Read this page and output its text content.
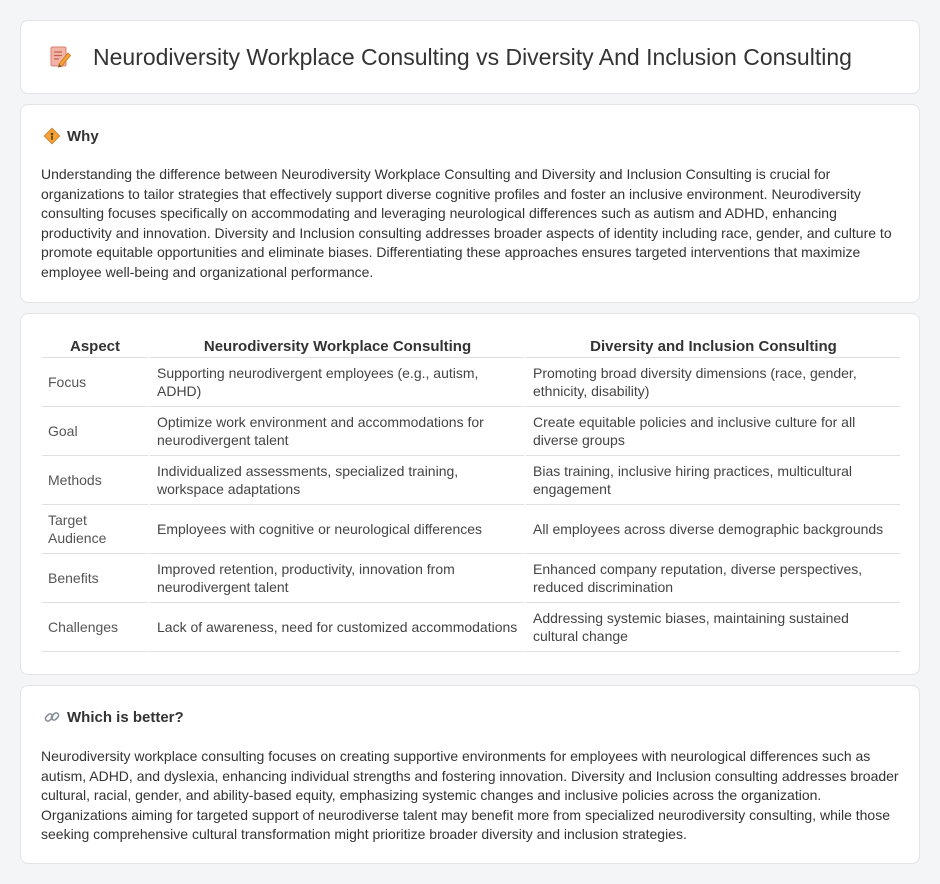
Neurodiversity Workplace Consulting vs Diversity And Inclusion Consulting
Why

Understanding the difference between Neurodiversity Workplace Consulting and Diversity and Inclusion Consulting is crucial for organizations to tailor strategies that effectively support diverse cognitive profiles and foster an inclusive environment. Neurodiversity consulting focuses specifically on accommodating and leveraging neurological differences such as autism and ADHD, enhancing productivity and innovation. Diversity and Inclusion consulting addresses broader aspects of identity including race, gender, and culture to promote equitable opportunities and eliminate biases. Differentiating these approaches ensures targeted interventions that maximize employee well-being and organizational performance.

Aspect	Neurodiversity Workplace Consulting	Diversity and Inclusion Consulting
Focus	Supporting neurodivergent employees (e.g., autism, ADHD)	Promoting broad diversity dimensions (race, gender, ethnicity, disability)
Goal	Optimize work environment and accommodations for neurodivergent talent	Create equitable policies and inclusive culture for all diverse groups
Methods	Individualized assessments, specialized training, workspace adaptations	Bias training, inclusive hiring practices, multicultural engagement
Target Audience	Employees with cognitive or neurological differences	All employees across diverse demographic backgrounds
Benefits	Improved retention, productivity, innovation from neurodivergent talent	Enhanced company reputation, diverse perspectives, reduced discrimination
Challenges	Lack of awareness, need for customized accommodations	Addressing systemic biases, maintaining sustained cultural change
Which is better?

Neurodiversity workplace consulting focuses on creating supportive environments for employees with neurological differences such as autism, ADHD, and dyslexia, enhancing individual strengths and fostering innovation. Diversity and Inclusion consulting addresses broader cultural, racial, gender, and ability-based equity, emphasizing systemic changes and inclusive policies across the organization. Organizations aiming for targeted support of neurodiverse talent may benefit more from specialized neurodiversity consulting, while those seeking comprehensive cultural transformation might prioritize broader diversity and inclusion strategies.
